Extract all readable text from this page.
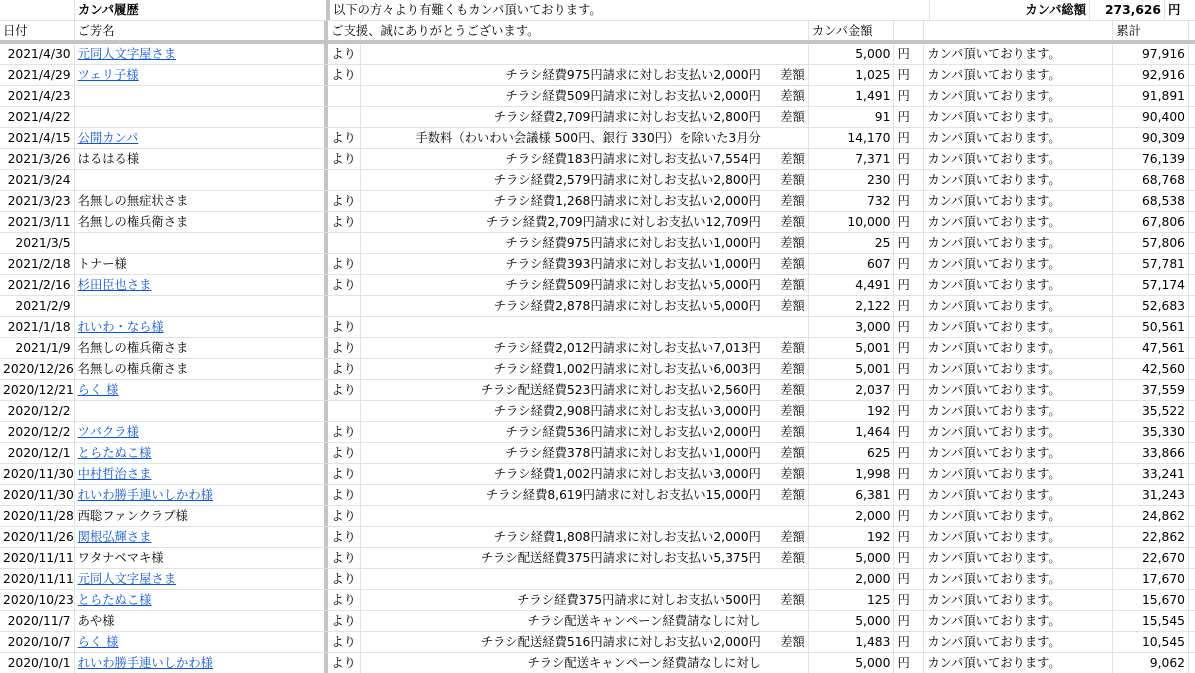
カンパ履歴	以下の方々より有難くもカンパ頂いております。	カンパ総額	273,626 円
日付	ご芳名	ご支援、誠にありがとうございます。	カンパ金額	累計
2021/4/30 元同人文字屋さま	より	5,000 円	カンパ頂いております。	97,916
2021/4/29 ツェリ子様	より	チラシ経費975円請求に対しお支払い2,000円 差額	1,025 円	カンパ頂いております。	92,916
2021/4/23	チラシ経費509円請求に対しお支払い2,000円 差額	1,491 円	カンパ頂いております。	91,891
2021/4/22	チラシ経費2,709円請求に対しお支払い2,800円 差額	91 円	カンパ頂いております。	90,400
2021/4/15 公開カンパ	より	手数料（わいわい会議様 500円、銀行 330円）を除いた3月分	14,170 円	カンパ頂いております。	90,309
2021/3/26 はるはる様	より	チラシ経費183円請求に対しお支払い7,554円 差額	7,371 円	カンパ頂いております。	76,139
2021/3/24	チラシ経費2,579円請求に対しお支払い2,800円 差額	230 円	カンパ頂いております。	68,768
2021/3/23 名無しの無症状さま	より	チラシ経費1,268円請求に対しお支払い2,000円 差額	732 円	カンパ頂いております。	68,538
2021/3/11 名無しの権兵衛さま	より	チラシ経費2,709円請求に対しお支払い12,709円 差額	10,000 円	カンパ頂いております。	67,806
2021/3/5	チラシ経費975円請求に対しお支払い1,000円 差額	25 円	カンパ頂いております。	57,806
2021/2/18 トナー様	より	チラシ経費393円請求に対しお支払い1,000円 差額	607 円	カンパ頂いております。	57,781
2021/2/16 杉田臣也さま	より	チラシ経費509円請求に対しお支払い5,000円 差額	4,491 円	カンパ頂いております。	57,174
2021/2/9	チラシ経費2,878円請求に対しお支払い5,000円 差額	2,122 円	カンパ頂いております。	52,683
2021/1/18 れいわ・なら様	より	3,000 円	カンパ頂いております。	50,561
2021/1/9 名無しの権兵衛さま	より	チラシ経費2,012円請求に対しお支払い7,013円 差額	5,001 円	カンパ頂いております。	47,561
2020/12/26 名無しの権兵衛さま	より	チラシ経費1,002円請求に対しお支払い6,003円 差額	5,001 円	カンパ頂いております。	42,560
2020/12/21 らく 様	より	チラシ配送経費523円請求に対しお支払い2,560円 差額	2,037 円	カンパ頂いております。	37,559
2020/12/2	チラシ経費2,908円請求に対しお支払い3,000円 差額	192 円	カンパ頂いております。	35,522
2020/12/2 ツバクラ様	より	チラシ経費536円請求に対しお支払い2,000円 差額	1,464 円	カンパ頂いております。	35,330
2020/12/1 とらたぬこ様	より	チラシ経費378円請求に対しお支払い1,000円 差額	625 円	カンパ頂いております。	33,866
2020/11/30 中村哲治さま	より	チラシ経費1,002円請求に対しお支払い3,000円 差額	1,998 円	カンパ頂いております。	33,241
2020/11/30 れいわ勝手連いしかわ様	より	チラシ経費8,619円請求に対しお支払い15,000円 差額	6,381 円	カンパ頂いております。	31,243
2020/11/28 西聡ファンクラブ様	より	2,000 円	カンパ頂いております。	24,862
2020/11/26 関根弘輝さま	より	チラシ経費1,808円請求に対しお支払い2,000円 差額	192 円	カンパ頂いております。	22,862
2020/11/11 ワタナベマキ様	より	チラシ配送経費375円請求に対しお支払い5,375円 差額	5,000 円	カンパ頂いております。	22,670
2020/11/11 元同人文字屋さま	より	2,000 円	カンパ頂いております。	17,670
2020/10/23 とらたぬこ様	より	チラシ経費375円請求に対しお支払い500円 差額	125 円	カンパ頂いております。	15,670
2020/11/7 あや様	より	チラシ配送キャンペーン経費請なしに対し	5,000 円	カンパ頂いております。	15,545
2020/10/7 らく 様	より	チラシ配送経費516円請求に対しお支払い2,000円 差額	1,483 円	カンパ頂いております。	10,545
2020/10/1 れいわ勝手連いしかわ様	より	チラシ配送キャンペーン経費請なしに対し	5,000 円	カンパ頂いております。	9,062
